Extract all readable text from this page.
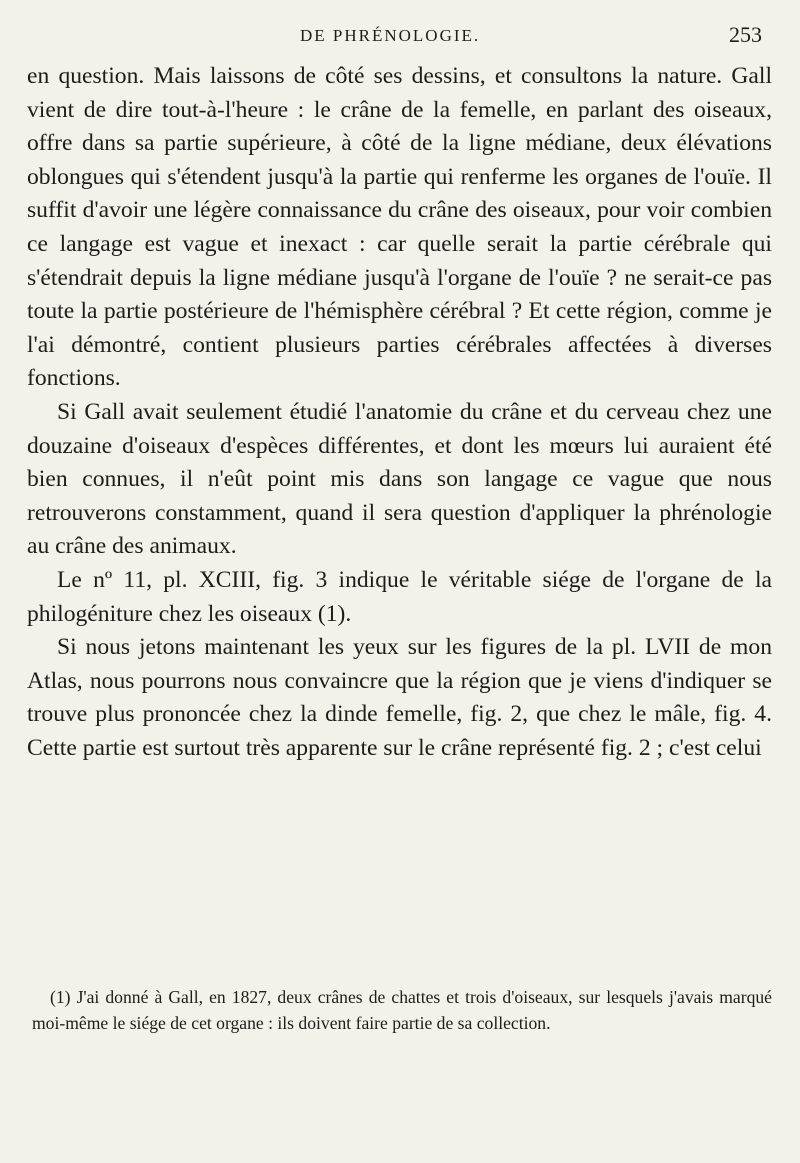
DE PHRÉNOLOGIE.	253

en question. Mais laissons de côté ses dessins, et consultons la nature. Gall vient de dire tout-à-l'heure : le crâne de la femelle, en parlant des oiseaux, offre dans sa partie supérieure, à côté de la ligne médiane, deux élévations oblongues qui s'étendent jusqu'à la partie qui renferme les organes de l'ouïe. Il suffit d'avoir une légère connaissance du crâne des oiseaux, pour voir combien ce langage est vague et inexact : car quelle serait la partie cérébrale qui s'étendrait depuis la ligne médiane jusqu'à l'organe de l'ouïe ? ne serait-ce pas toute la partie postérieure de l'hémisphère cérébral ? Et cette région, comme je l'ai démontré, contient plusieurs parties cérébrales affectées à diverses fonctions.

Si Gall avait seulement étudié l'anatomie du crâne et du cerveau chez une douzaine d'oiseaux d'espèces différentes, et dont les mœurs lui auraient été bien connues, il n'eût point mis dans son langage ce vague que nous retrouverons constamment, quand il sera question d'appliquer la phrénologie au crâne des animaux.

Le nº 11, pl. XCIII, fig. 3 indique le véritable siége de l'organe de la philogéniture chez les oiseaux (1).

Si nous jetons maintenant les yeux sur les figures de la pl. LVII de mon Atlas, nous pourrons nous convaincre que la région que je viens d'indiquer se trouve plus prononcée chez la dinde femelle, fig. 2, que chez le mâle, fig. 4. Cette partie est surtout très apparente sur le crâne représenté fig. 2 ; c'est celui

(1) J'ai donné à Gall, en 1827, deux crânes de chattes et trois d'oiseaux, sur lesquels j'avais marqué moi-même le siége de cet organe : ils doivent faire partie de sa collection.
